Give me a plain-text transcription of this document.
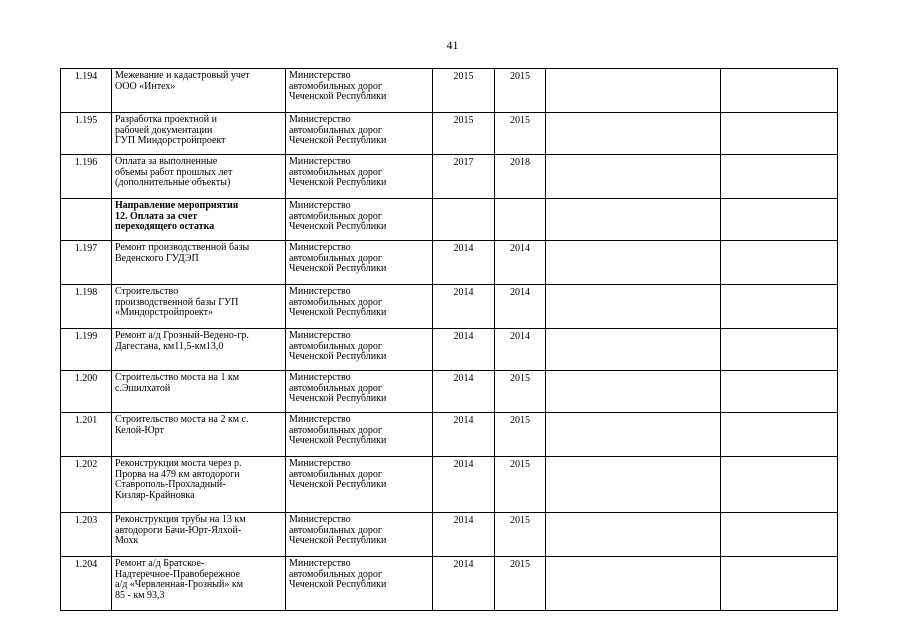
41
1.194	Межевание и кадастровый учет
ООО «Интех»	Министерство
автомобильных дорог
Чеченской Республики	2015	2015		
1.195	Разработка проектной и
рабочей документации
ГУП Миндорстройпроект	Министерство
автомобильных дорог
Чеченской Республики	2015	2015		
1.196	Оплата за выполненные
объемы работ прошлых лет
(дополнительные объекты)	Министерство
автомобильных дорог
Чеченской Республики	2017	2018		

	Направление мероприятия
12. Оплата за счет
переходящего остатка	Министерство
автомобильных дорог
Чеченской Республики				

1.197	Ремонт производственной базы
Веденского ГУДЭП	Министерство
автомобильных дорог
Чеченской Республики	2014	2014		
1.198	Строительство
производственной базы ГУП
«Миндорстройпроект»	Министерство
автомобильных дорог
Чеченской Республики	2014	2014		
1.199	Ремонт а/д Грозный-Ведено-гр.
Дагестана, км11,5-км13,0	Министерство
автомобильных дорог
Чеченской Республики	2014	2014		
1.200	Строительство моста на 1 км
с.Эшилхатой	Министерство
автомобильных дорог
Чеченской Республики	2014	2015		
1.201	Строительство моста на 2 км с.
Келой-Юрт	Министерство
автомобильных дорог
Чеченской Республики	2014	2015		
1.202	Реконструкция моста через р.
Прорва на 479 км автодороги
Ставрополь-Прохладный-
Кизляр-Крайновка	Министерство
автомобильных дорог
Чеченской Республики	2014	2015		
1.203	Реконструкция трубы на 13 км
автодороги Бачи-Юрт-Ялхой-
Мохк	Министерство
автомобильных дорог
Чеченской Республики	2014	2015		
1.204	Ремонт а/д Братское-
Надтеречное-Правобережное
а/д «Червленная-Грозный» км
85 - км 93,3	Министерство
автомобильных дорог
Чеченской Республики	2014	2015		
